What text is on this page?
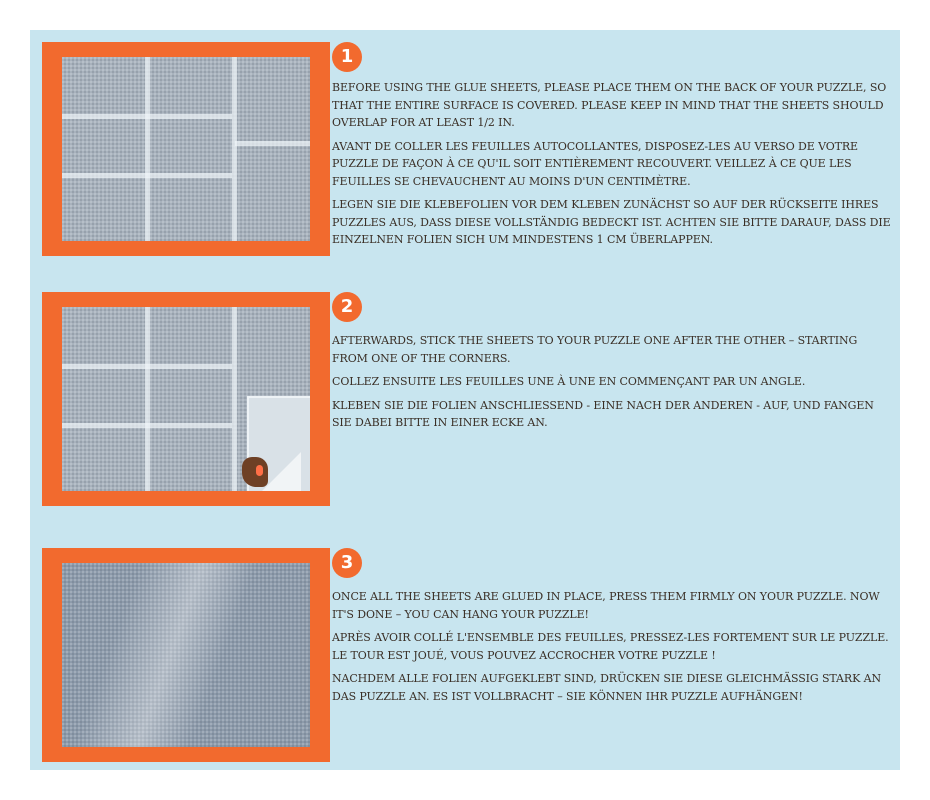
1

BEFORE USING THE GLUE SHEETS, PLEASE PLACE THEM ON THE BACK OF YOUR PUZZLE, SO THAT THE ENTIRE SURFACE IS COVERED. PLEASE KEEP IN MIND THAT THE SHEETS SHOULD OVERLAP FOR AT LEAST 1/2 IN.

AVANT DE COLLER LES FEUILLES AUTOCOLLANTES, DISPOSEZ-LES AU VERSO DE VOTRE PUZZLE DE FAÇON À CE QU'IL SOIT ENTIÈREMENT RECOUVERT. VEILLEZ À CE QUE LES FEUILLES SE CHEVAUCHENT AU MOINS D'UN CENTIMÈTRE.

LEGEN SIE DIE KLEBEFOLIEN VOR DEM KLEBEN ZUNÄCHST SO AUF DER RÜCKSEITE IHRES PUZZLES AUS, DASS DIESE VOLLSTÄNDIG BEDECKT IST. ACHTEN SIE BITTE DARAUF, DASS DIE EINZELNEN FOLIEN SICH UM MINDESTENS 1 CM ÜBERLAPPEN.

2

AFTERWARDS, STICK THE SHEETS TO YOUR PUZZLE ONE AFTER THE OTHER – STARTING FROM ONE OF THE CORNERS.

COLLEZ ENSUITE LES FEUILLES UNE À UNE EN COMMENÇANT PAR UN ANGLE.

KLEBEN SIE DIE FOLIEN ANSCHLIESSEND - EINE NACH DER ANDEREN - AUF, UND FANGEN SIE DABEI BITTE IN EINER ECKE AN.

3

ONCE ALL THE SHEETS ARE GLUED IN PLACE, PRESS THEM FIRMLY ON YOUR PUZZLE. NOW IT'S DONE – YOU CAN HANG YOUR PUZZLE!

APRÈS AVOIR COLLÉ L'ENSEMBLE DES FEUILLES, PRESSEZ-LES FORTEMENT SUR LE PUZZLE. LE TOUR EST JOUÉ, VOUS POUVEZ ACCROCHER VOTRE PUZZLE !

NACHDEM ALLE FOLIEN AUFGEKLEBT SIND, DRÜCKEN SIE DIESE GLEICHMÄSSIG STARK AN DAS PUZZLE AN. ES IST VOLLBRACHT – SIE KÖNNEN IHR PUZZLE AUFHÄNGEN!
